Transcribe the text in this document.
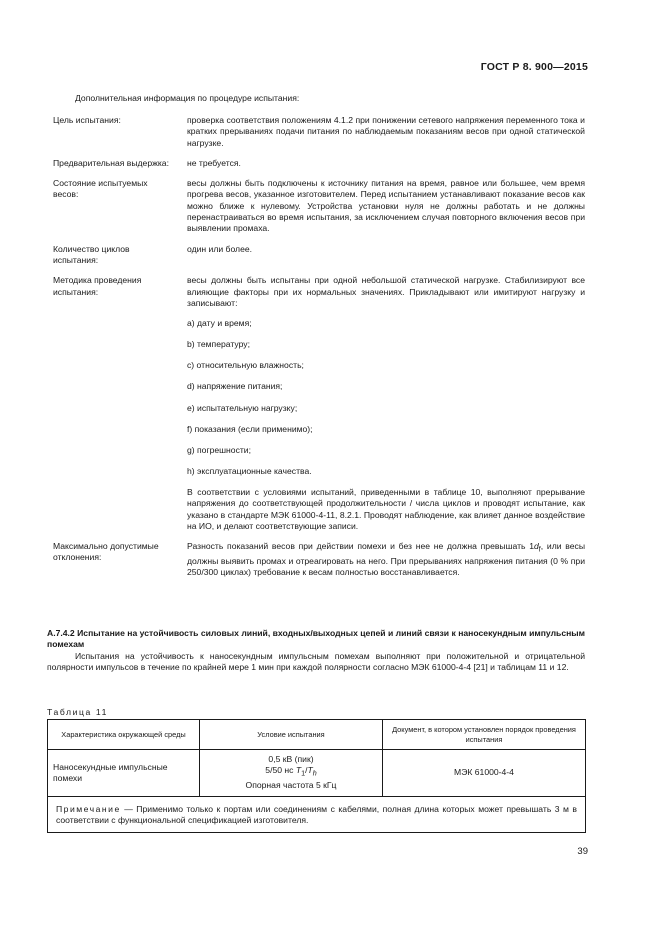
ГОСТ Р 8. 900—2015
Дополнительная информация по процедуре испытания:
Цель испытания:	проверка соответствия положениям 4.1.2 при понижении сетевого напряжения переменного тока и кратких прерываниях подачи питания по наблюдаемым показаниям весов при одной статической нагрузке.

Предварительная выдержка: не требуется.

Состояние испытуемых весов:

весы должны быть подключены к источнику питания на время, равное или большее, чем время прогрева весов, указанное изготовителем. Перед испытанием устанавливают показание весов как можно ближе к нулевому. Устройства установки нуля не должны работать и не должны перенастраиваться во время испытания, за исключением случая повторного включения весов при выявлении промаха.

Количество циклов испытания:

один или более.

Методика проведения испытания:

весы должны быть испытаны при одной небольшой статической нагрузке. Стабилизируют все влияющие факторы при их нормальных значениях. Прикладывают или имитируют нагрузку и записывают:

a) дату и время;
b) температуру;
c) относительную влажность;
d) напряжение питания;
e) испытательную нагрузку;
f) показания (если применимо);
g) погрешности;
h) эксплуатационные качества.

В соответствии с условиями испытаний, приведенными в таблице 10, выполняют прерывание напряжения до соответствующей продолжительности / числа циклов и проводят испытание, как указано в стандарте МЭК 61000-4-11, 8.2.1. Проводят наблюдение, как влияет данное воздействие на ИО, и делают соответствующие записи.

Максимально допустимые отклонения:

Разность показаний весов при действии помехи и без нее не должна превышать $1d_f$, или весы должны выявить промах и отреагировать на него. При прерываниях напряжения питания (0 % при 250/300 циклах) требование к весам полностью восстанавливается.

A.7.4.2 Испытание на устойчивость силовых линий, входных/выходных цепей и линий связи к наносекундным импульсным помехам

Испытания на устойчивость к наносекундным импульсным помехам выполняют при положительной и отрицательной полярности импульсов в течение по крайней мере 1 мин при каждой полярности согласно МЭК 61000-4-4 [21] и таблицам 11 и 12.

Таблица 11
Характеристика окружающей среды	Условие испытания	Документ, в котором установлен порядок проведения испытания
Наносекундные импульсные помехи	0,5 кВ (пик)
5/50 нс $T_1/T_h$
Опорная частота 5 кГц	МЭК 61000-4-4
Примечание — Применимо только к портам или соединениям с кабелями, полная длина которых может превышать 3 м в соответствии с функциональной спецификацией изготовителя.		
39
